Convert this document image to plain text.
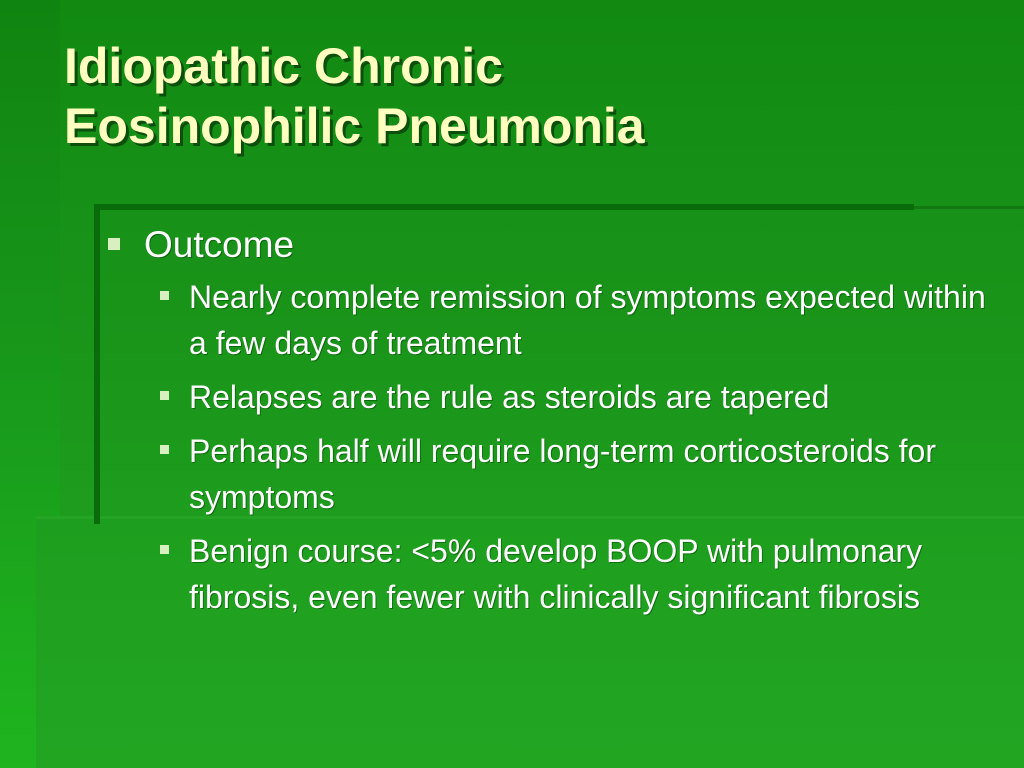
Idiopathic Chronic
Eosinophilic Pneumonia
Outcome
Nearly complete remission of symptoms expected within a few days of treatment
Relapses are the rule as steroids are tapered
Perhaps half will require long-term corticosteroids for symptoms
Benign course: <5% develop BOOP with pulmonary fibrosis, even fewer with clinically significant fibrosis
